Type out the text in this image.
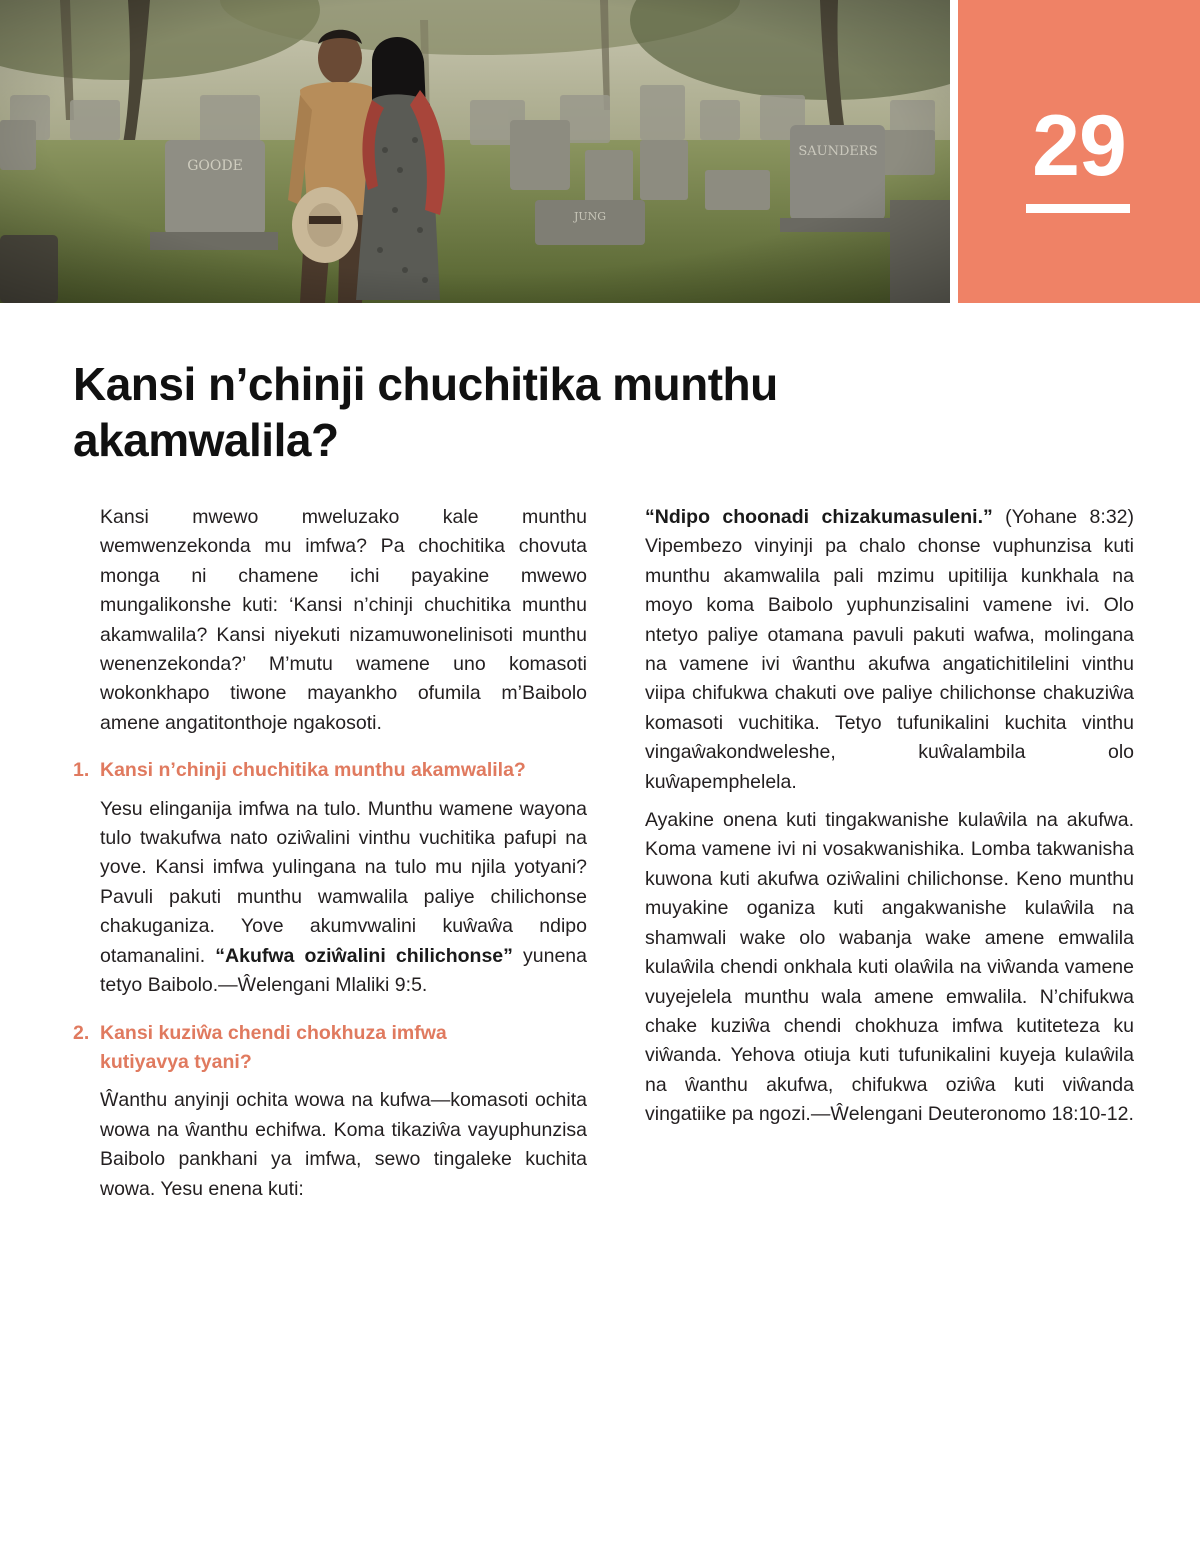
29
Kansi n’chinji chuchitika munthu akamwalila?

Kansi mwewo mweluzako kale munthu wemwenzekonda mu imfwa? Pa chochitika chovuta monga ni chamene ichi payakine mwewo mungalikonshe kuti: ‘Kansi n’chinji chuchitika munthu akamwalila? Kansi niyekuti nizamuwonelinisoti munthu wenenzekonda?’ M’mutu wamene uno komasoti wokonkhapo tiwone mayankho ofumila m’Baibolo amene angatitonthoje ngakosoti.

1. Kansi n’chinji chuchitika munthu akamwalila?

Yesu elinganija imfwa na tulo. Munthu wamene wayona tulo twakufwa nato oziŵalini vinthu vuchitika pafupi na yove. Kansi imfwa yulingana na tulo mu njila yotyani? Pavuli pakuti munthu wamwalila paliye chilichonse chakuganiza. Yove akumvwalini kuŵaŵa ndipo otamanalini. “Akufwa oziŵalini chilichonse” yunena tetyo Baibolo.—Ŵelengani Mlaliki 9:5.

2. Kansi kuziŵa chendi chokhuza imfwa kutiyavya tyani?

Ŵanthu anyinji ochita wowa na kufwa—komasoti ochita wowa na ŵanthu echifwa. Koma tikaziŵa vayuphunzisa Baibolo pankhani ya imfwa, sewo tingaleke kuchita wowa. Yesu enena kuti:

“Ndipo choonadi chizakumasuleni.” (Yohane 8:32) Vipembezo vinyinji pa chalo chonse vuphunzisa kuti munthu akamwalila pali mzimu upitilija kunkhala na moyo koma Baibolo yuphunzisalini vamene ivi. Olo ntetyo paliye otamana pavuli pakuti wafwa, molingana na vamene ivi ŵanthu akufwa angatichitilelini vinthu viipa chifukwa chakuti ove paliye chilichonse chakuziŵa komasoti vuchitika. Tetyo tufunikalini kuchita vinthu vingaŵakondweleshe, kuŵalambila olo kuŵapemphelela.

Ayakine onena kuti tingakwanishe kulaŵila na akufwa. Koma vamene ivi ni vosakwanishika. Lomba takwanisha kuwona kuti akufwa oziŵalini chilichonse. Keno munthu muyakine oganiza kuti angakwanishe kulaŵila na shamwali wake olo wabanja wake amene emwalila kulaŵila chendi onkhala kuti olaŵila na viŵanda vamene vuyejelela munthu wala amene emwalila. N’chifukwa chake kuziŵa chendi chokhuza imfwa kutiteteza ku viŵanda. Yehova otiuja kuti tufunikalini kuyeja kulaŵila na ŵanthu akufwa, chifukwa oziŵa kuti viŵanda vingatiike pa ngozi.—Ŵelengani Deuteronomo 18:10-12.
